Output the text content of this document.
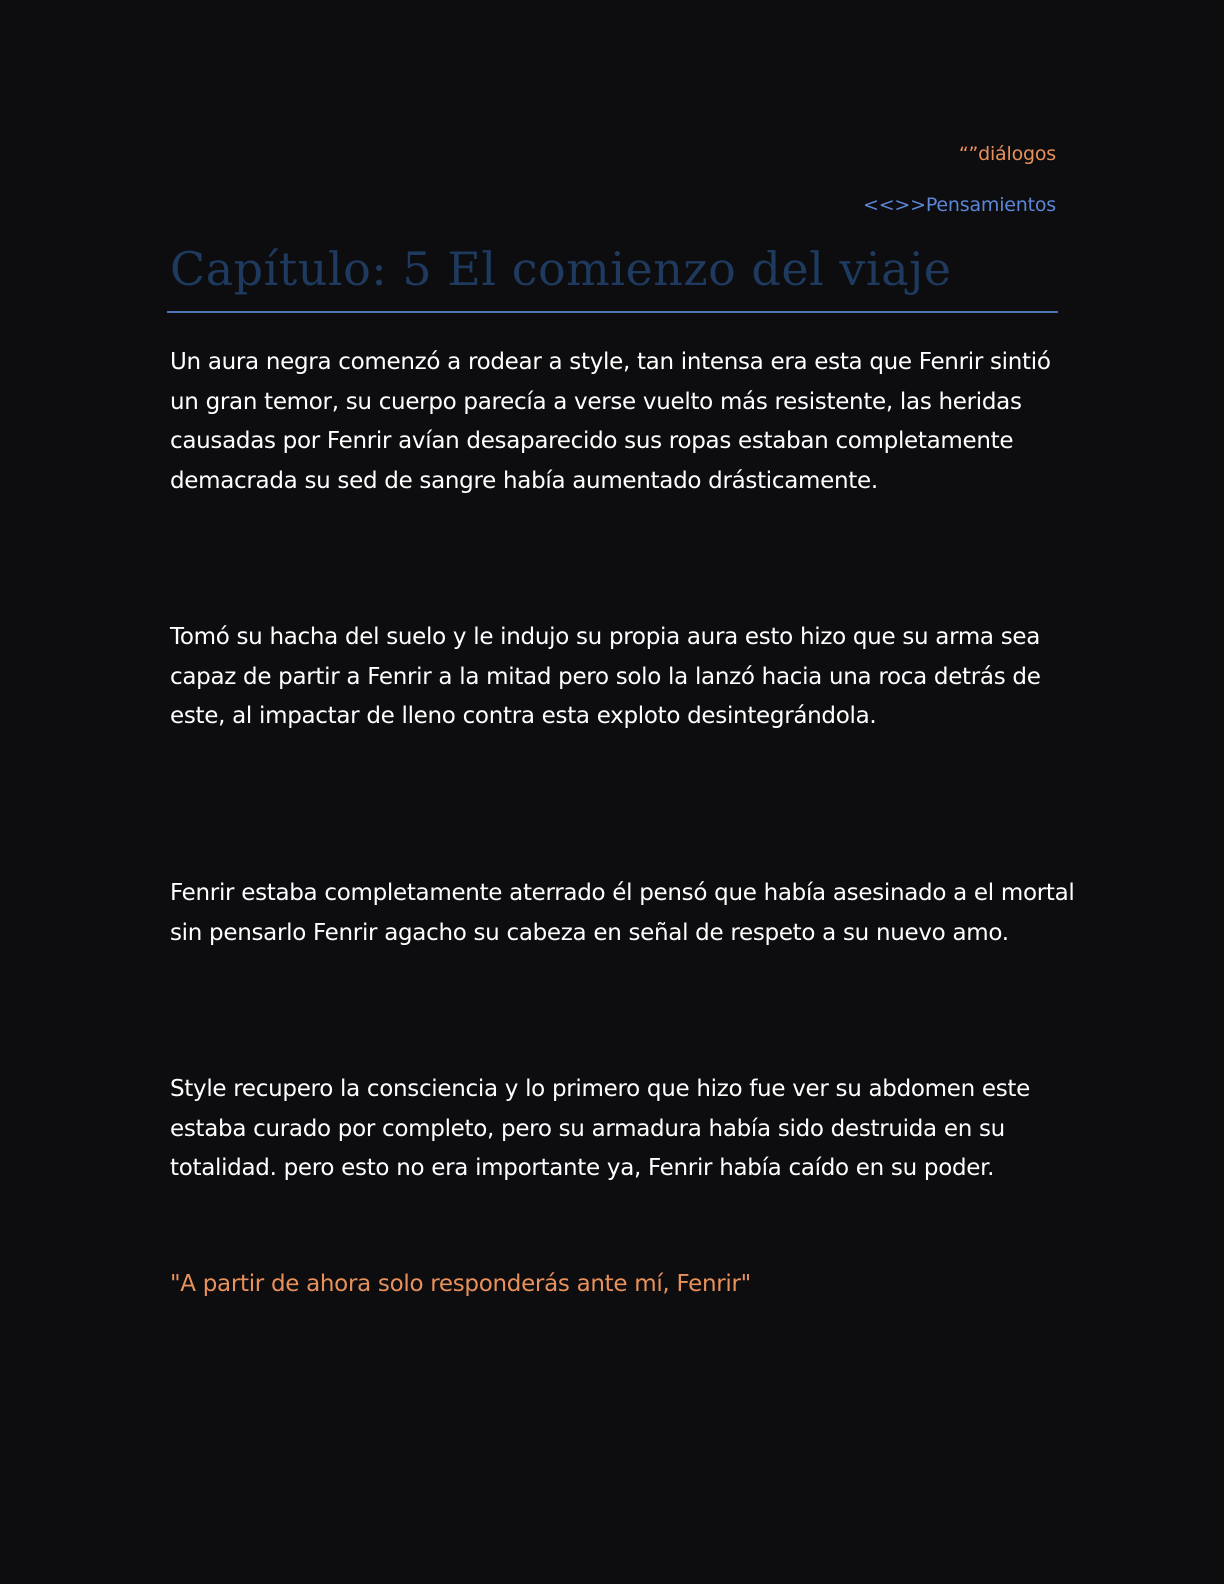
“”diálogos
<<>>Pensamientos
Capítulo: 5 El comienzo del viaje

Un aura negra comenzó a rodear a style, tan intensa era esta que Fenrir sintió un gran temor, su cuerpo parecía a verse vuelto más resistente, las heridas causadas por Fenrir avían desaparecido sus ropas estaban completamente demacrada su sed de sangre había aumentado drásticamente.

Tomó su hacha del suelo y le indujo su propia aura esto hizo que su arma sea capaz de partir a Fenrir a la mitad pero solo la lanzó hacia una roca detrás de este, al impactar de lleno contra esta exploto desintegrándola.

Fenrir estaba completamente aterrado él pensó que había asesinado a el mortal sin pensarlo Fenrir agacho su cabeza en señal de respeto a su nuevo amo.

Style recupero la consciencia y lo primero que hizo fue ver su abdomen este estaba curado por completo, pero su armadura había sido destruida en su totalidad. pero esto no era importante ya, Fenrir había caído en su poder.

"A partir de ahora solo responderás ante mí, Fenrir"
